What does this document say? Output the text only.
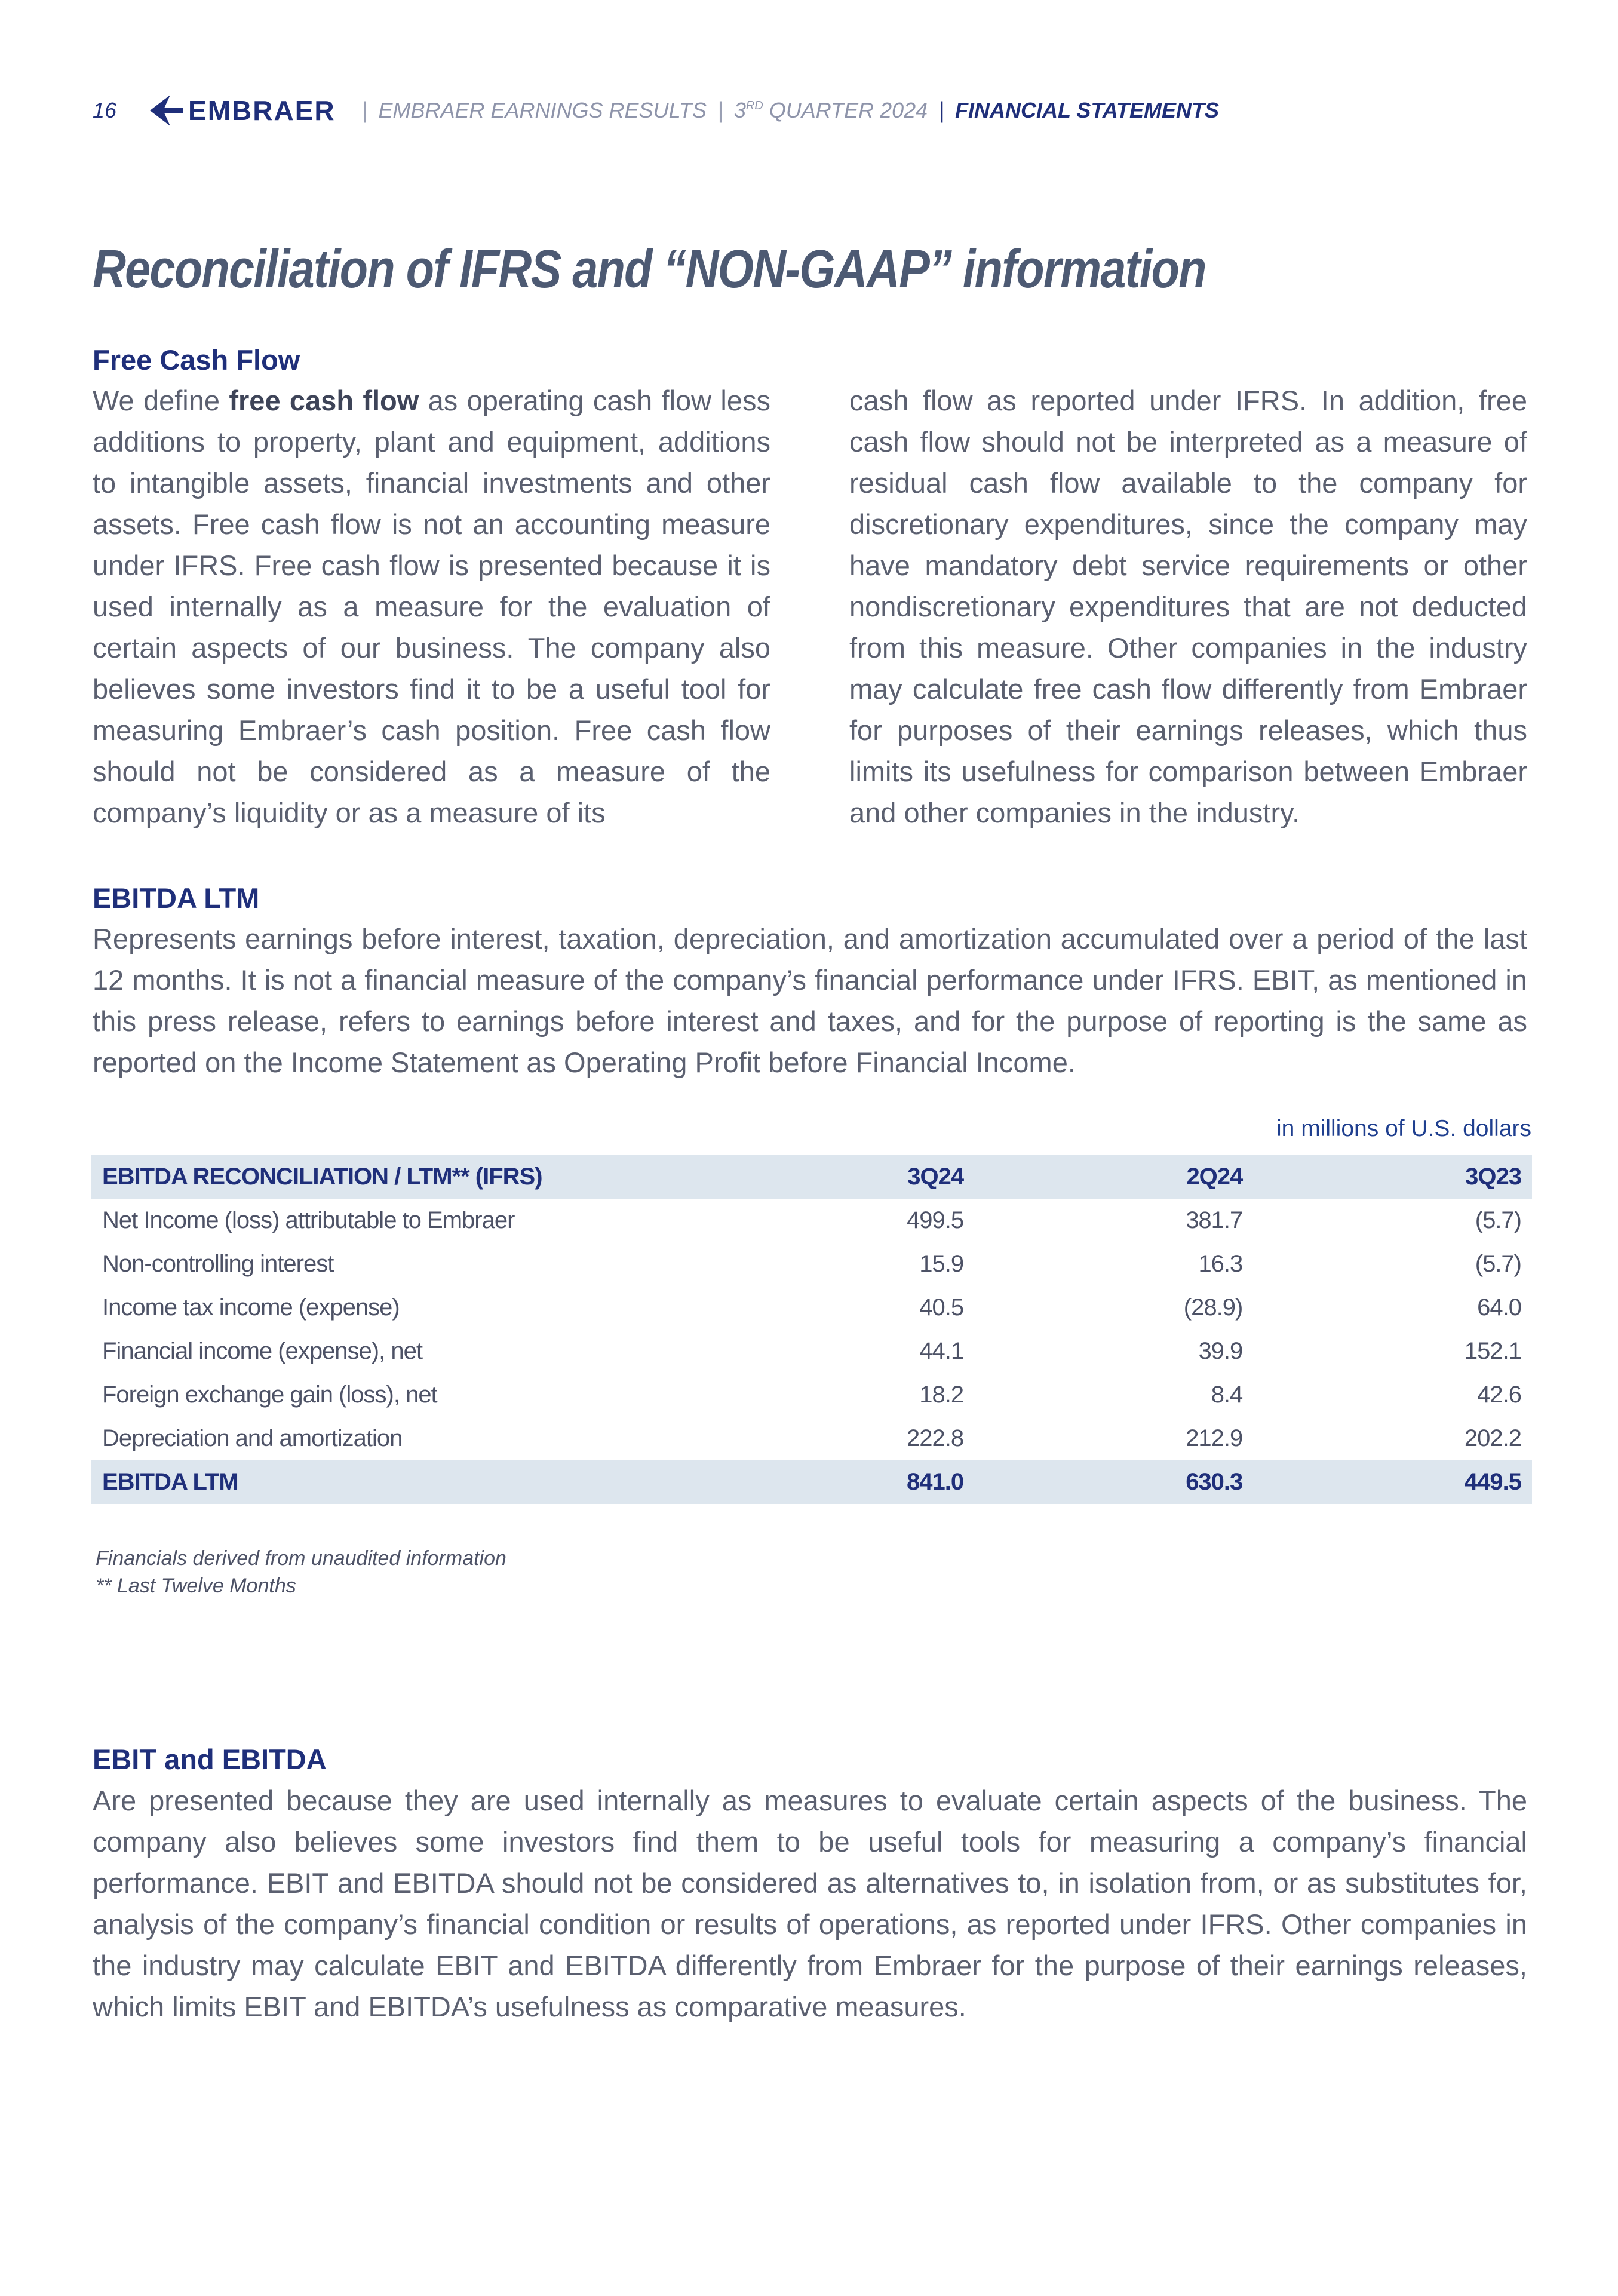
16	EMBRAER | EMBRAER EARNINGS RESULTS | 3RD QUARTER 2024 | FINANCIAL STATEMENTS
Reconciliation of IFRS and “NON-GAAP” information
Free Cash Flow
We define free cash flow as operating cash flow less additions to property, plant and equipment, additions to intangible assets, financial investments and other assets. Free cash flow is not an accounting measure under IFRS. Free cash flow is presented because it is used internally as a measure for the evaluation of certain aspects of our business. The company also believes some investors find it to be a useful tool for measuring Embraer’s cash position. Free cash flow should not be considered as a measure of the company’s liquidity or as a measure of its
cash flow as reported under IFRS. In addition, free cash flow should not be interpreted as a measure of residual cash flow available to the company for discretionary expenditures, since the company may have mandatory debt service requirements or other nondiscretionary expenditures that are not deducted from this measure. Other companies in the industry may calculate free cash flow differently from Embraer for purposes of their earnings releases, which thus limits its usefulness for comparison between Embraer and other companies in the industry.
EBITDA LTM
Represents earnings before interest, taxation, depreciation, and amortization accumulated over a period of the last 12 months. It is not a financial measure of the company’s financial performance under IFRS. EBIT, as mentioned in this press release, refers to earnings before interest and taxes, and for the purpose of reporting is the same as reported on the Income Statement as Operating Profit before Financial Income.
in millions of U.S. dollars
EBITDA RECONCILIATION / LTM** (IFRS)	3Q24	2Q24	3Q23
Net Income (loss) attributable to Embraer	499.5	381.7	(5.7)
Non-controlling interest	15.9	16.3	(5.7)
Income tax income (expense)	40.5	(28.9)	64.0
Financial income (expense), net	44.1	39.9	152.1
Foreign exchange gain (loss), net	18.2	8.4	42.6
Depreciation and amortization	222.8	212.9	202.2
EBITDA LTM	841.0	630.3	449.5
Financials derived from unaudited information
** Last Twelve Months
EBIT and EBITDA
Are presented because they are used internally as measures to evaluate certain aspects of the business. The company also believes some investors find them to be useful tools for measuring a company’s financial performance. EBIT and EBITDA should not be considered as alternatives to, in isolation from, or as substitutes for, analysis of the company’s financial condition or results of operations, as reported under IFRS. Other companies in the industry may calculate EBIT and EBITDA differently from Embraer for the purpose of their earnings releases, which limits EBIT and EBITDA’s usefulness as comparative measures.
